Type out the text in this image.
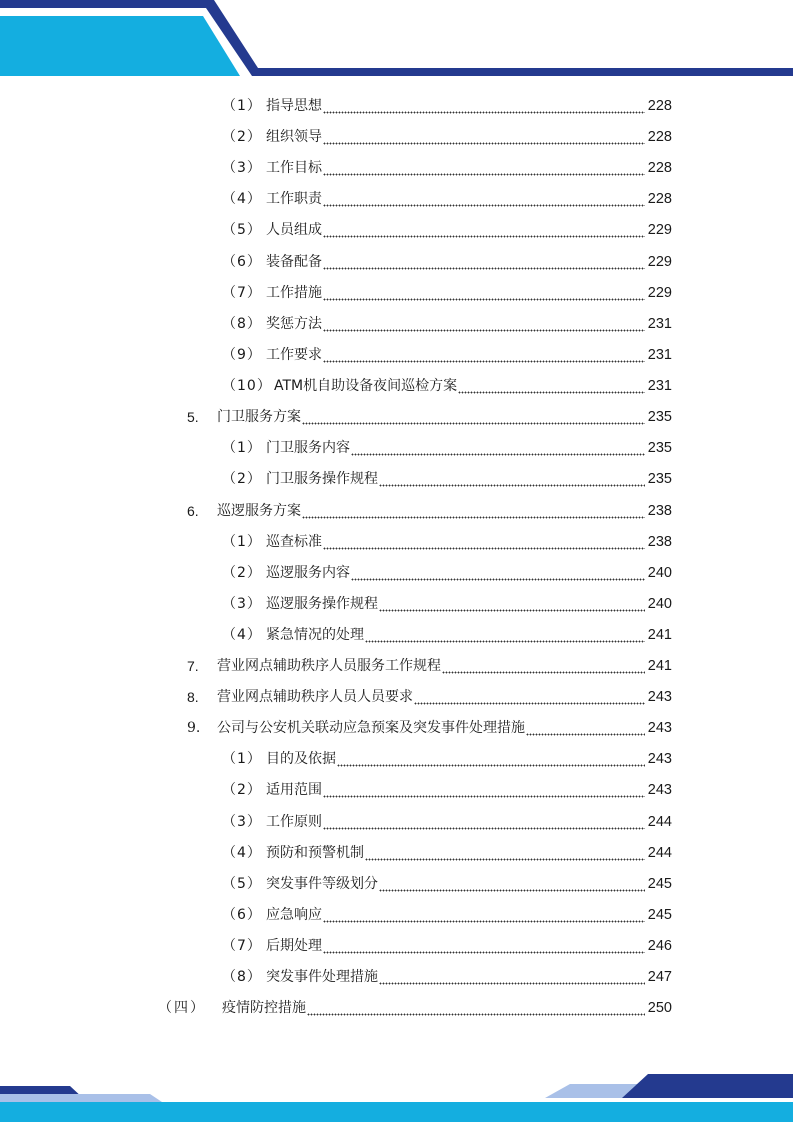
（1） 指导思想	228
（2） 组织领导	228
（3） 工作目标	228
（4） 工作职责	228
（5） 人员组成	229
（6） 装备配备	229
（7） 工作措施	229
（8） 奖惩方法	231
（9） 工作要求	231
（10） ATM机自助设备夜间巡检方案	231
5.	门卫服务方案	235
（1） 门卫服务内容	235
（2） 门卫服务操作规程	235
6.	巡逻服务方案	238
（1） 巡查标准	238
（2） 巡逻服务内容	240
（3） 巡逻服务操作规程	240
（4） 紧急情况的处理	241
7.	营业网点辅助秩序人员服务工作规程	241
8.	营业网点辅助秩序人员人员要求	243
9.	公司与公安机关联动应急预案及突发事件处理措施	243
（1） 目的及依据	243
（2） 适用范围	243
（3） 工作原则	244
（4） 预防和预警机制	244
（5） 突发事件等级划分	245
（6） 应急响应	245
（7） 后期处理	246
（8） 突发事件处理措施	247
（四）	疫情防控措施	250
